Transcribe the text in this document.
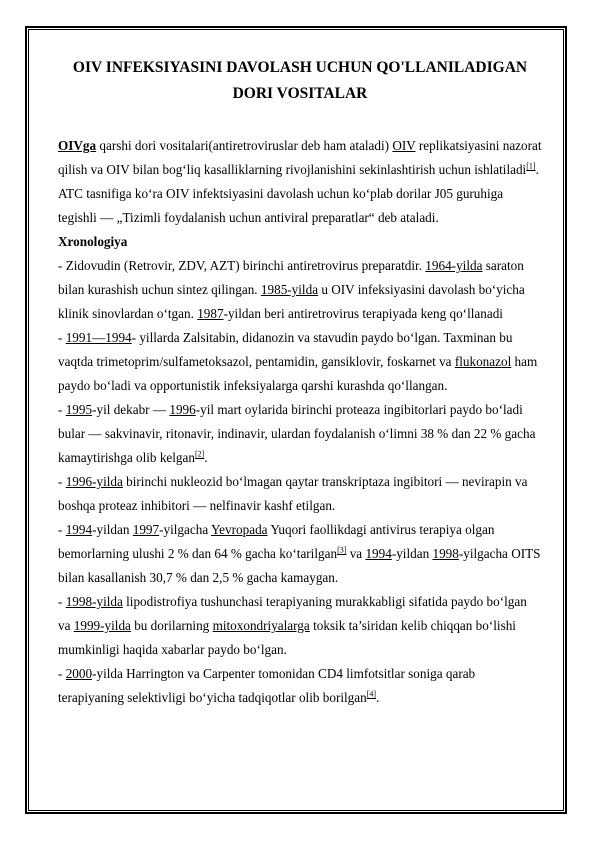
OIV INFEKSIYASINI DAVOLASH UCHUN QO'LLANILADIGAN DORI VOSITALAR

OIVga qarshi dori vositalari(antiretroviruslar deb ham ataladi) OIV replikatsiyasini nazorat qilish va OIV bilan bog‘liq kasalliklarning rivojlanishini sekinlashtirish uchun ishlatiladi[1]. ATC tasnifiga ko‘ra OIV infektsiyasini davolash uchun ko‘plab dorilar J05 guruhiga tegishli — „Tizimli foydalanish uchun antiviral preparatlar“ deb ataladi.

Xronologiya

- Zidovudin (Retrovir, ZDV, AZT) birinchi antiretrovirus preparatdir. 1964-yilda saraton bilan kurashish uchun sintez qilingan. 1985-yilda u OIV infeksiyasini davolash bo‘yicha klinik sinovlardan o‘tgan. 1987-yildan beri antiretrovirus terapiyada keng qo‘llanadi

- 1991—1994- yillarda Zalsitabin, didanozin va stavudin paydo bo‘lgan. Taxminan bu vaqtda trimetoprim/sulfametoksazol, pentamidin, gansiklovir, foskarnet va flukonazol ham paydo bo‘ladi va opportunistik infeksiyalarga qarshi kurashda qo‘llangan.

- 1995-yil dekabr — 1996-yil mart oylarida birinchi proteaza ingibitorlari paydo bo‘ladi bular — sakvinavir, ritonavir, indinavir, ulardan foydalanish o‘limni 38 % dan 22 % gacha kamaytirishga olib kelgan[2].

- 1996-yilda birinchi nukleozid bo‘lmagan qaytar transkriptaza ingibitori — nevirapin va boshqa proteaz inhibitori — nelfinavir kashf etilgan.

- 1994-yildan 1997-yilgacha Yevropada Yuqori faollikdagi antivirus terapiya olgan bemorlarning ulushi 2 % dan 64 % gacha ko‘tarilgan[3] va 1994-yildan 1998-yilgacha OITS bilan kasallanish 30,7 % dan 2,5 % gacha kamaygan.

- 1998-yilda lipodistrofiya tushunchasi terapiyaning murakkabligi sifatida paydo bo‘lgan va 1999-yilda bu dorilarning mitoxondriyalarga toksik ta’siridan kelib chiqqan bo‘lishi mumkinligi haqida xabarlar paydo bo‘lgan.

- 2000-yilda Harrington va Carpenter tomonidan CD4 limfotsitlar soniga qarab terapiyaning selektivligi bo‘yicha tadqiqotlar olib borilgan[4].
